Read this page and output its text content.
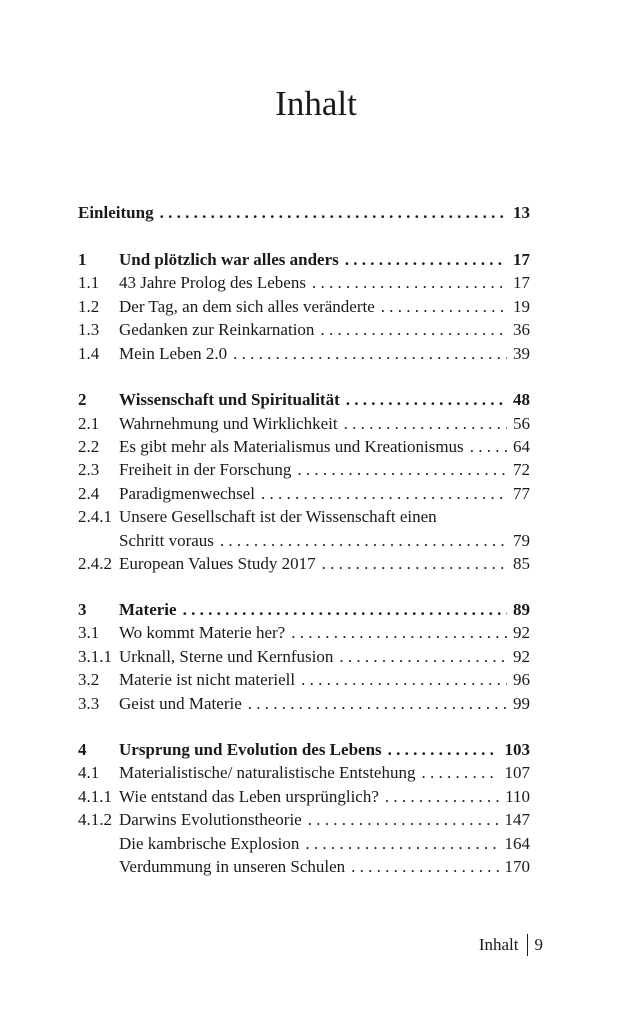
Inhalt
Einleitung . . .	13
1 Und plötzlich war alles anders . . .	17
1.1 43 Jahre Prolog des Lebens . . .	17
1.2 Der Tag, an dem sich alles veränderte . . .	19
1.3 Gedanken zur Reinkarnation . . .	36
1.4 Mein Leben 2.0 . . .	39
2 Wissenschaft und Spiritualität . . .	48
2.1 Wahrnehmung und Wirklichkeit . . .	56
2.2 Es gibt mehr als Materialismus und Kreationismus . . .	64
2.3 Freiheit in der Forschung . . .	72
2.4 Paradigmenwechsel . . .	77
2.4.1 Unsere Gesellschaft ist der Wissenschaft einen
Schritt voraus . . .	79
2.4.2 European Values Study 2017 . . .	85
3 Materie . . .	89
3.1 Wo kommt Materie her? . . .	92
3.1.1 Urknall, Sterne und Kernfusion . . .	92
3.2 Materie ist nicht materiell . . .	96
3.3 Geist und Materie . . .	99
4 Ursprung und Evolution des Lebens . . .	103
4.1 Materialistische/ naturalistische Entstehung . . .	107
4.1.1 Wie entstand das Leben ursprünglich? . . .	110
4.1.2 Darwins Evolutionstheorie . . .	147
Die kambrische Explosion . . .	164
Verdummung in unseren Schulen . . .	170
Inhalt 9
